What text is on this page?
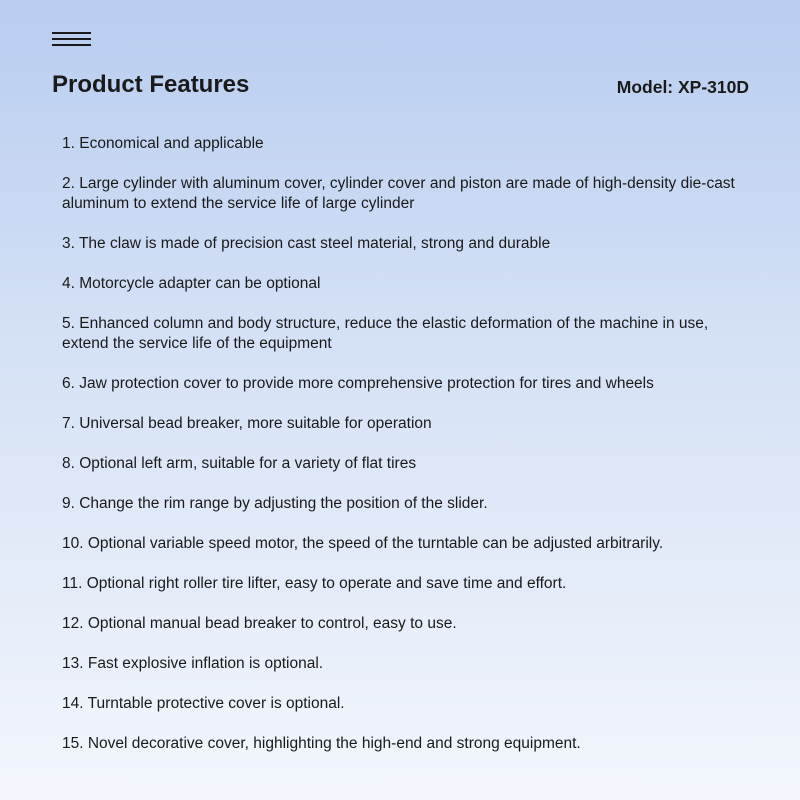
Product Features	Model: XP-310D
1. Economical and applicable
2. Large cylinder with aluminum cover, cylinder cover and piston are made of high-density die-cast aluminum to extend the service life of large cylinder
3. The claw is made of precision cast steel material, strong and durable
4. Motorcycle adapter can be optional
5. Enhanced column and body structure, reduce the elastic deformation of the machine in use, extend the service life of the equipment
6. Jaw protection cover to provide more comprehensive protection for tires and wheels
7. Universal bead breaker, more suitable for operation
8. Optional left arm, suitable for a variety of flat tires
9. Change the rim range by adjusting the position of the slider.
10. Optional variable speed motor, the speed of the turntable can be adjusted arbitrarily.
11. Optional right roller tire lifter, easy to operate and save time and effort.
12. Optional manual bead breaker to control, easy to use.
13. Fast explosive inflation is optional.
14. Turntable protective cover is optional.
15. Novel decorative cover, highlighting the high-end and strong equipment.
